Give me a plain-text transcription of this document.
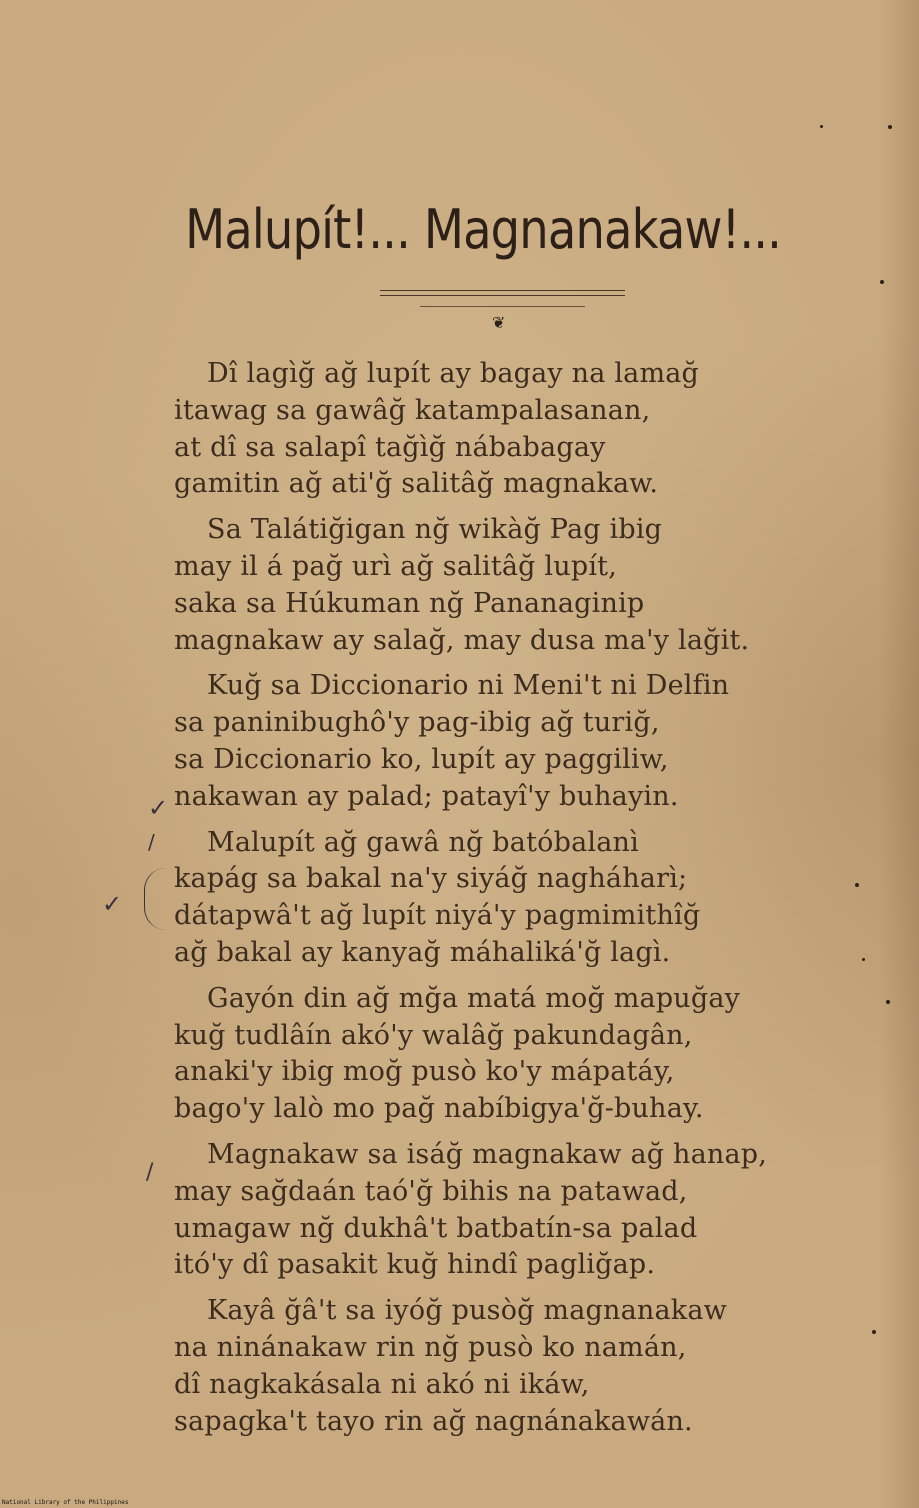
Malupít!... Magnanakaw!...
❦
Dî lagìğ ağ lupít ay bagay na lamağ
itawag sa gawâğ katampalasanan,
at dî sa salapî tağìğ nábabagay
gamitin ağ ati'ğ salitâğ magnakaw.
Sa Talátiğigan nğ wikàğ Pag ibig
may il á pağ urì ağ salitâğ lupít,
saka sa Húkuman nğ Pananaginip
magnakaw ay salağ, may dusa ma'y lağit.
Kuğ sa Diccionario ni Meni't ni Delfin
sa paninibughô'y pag-ibig ağ turiğ,
sa Diccionario ko, lupít ay paggiliw,
nakawan ay palad; patayî'y buhayin.
Malupít ağ gawâ nğ batóbalanì
kapág sa bakal na'y siyáğ nagháharì;
dátapwâ't ağ lupít niyá'y pagmimithîğ
ağ bakal ay kanyağ máhaliká'ğ lagì.
Gayón din ağ mğa matá moğ mapuğay
kuğ tudlâín akó'y walâğ pakundagân,
anaki'y ibig moğ pusò ko'y mápatáy,
bago'y lalò mo pağ nabíbigya'ğ-buhay.
Magnakaw sa isáğ magnakaw ağ hanap,
may sağdaán taó'ğ bihis na patawad,
umagaw nğ dukhâ't batbatín-sa palad
itó'y dî pasakit kuğ hindî pagliğap.
Kayâ ğâ't sa iyóğ pusòğ magnanakaw
na ninánakaw rin nğ pusò ko namán,
dî nagkakásala ni akó ni ikáw,
sapagka't tayo rin ağ nagnánakawán.
✓
/
✓
/
National Library of the Philippines
